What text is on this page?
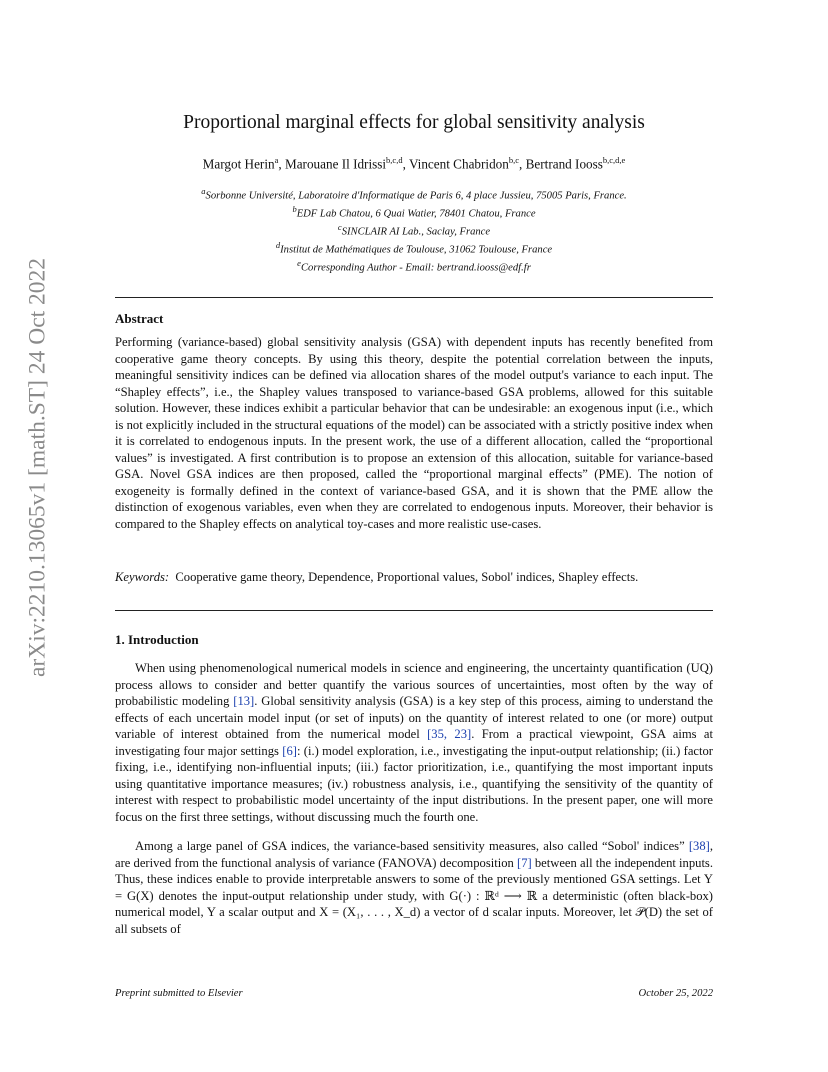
arXiv:2210.13065v1 [math.ST] 24 Oct 2022
Proportional marginal effects for global sensitivity analysis
Margot Herin$^a$, Marouane Il Idrissi$^{b,c,d}$, Vincent Chabridon$^{b,c}$, Bertrand Iooss$^{b,c,d,e}$
$^a$Sorbonne Université, Laboratoire d'Informatique de Paris 6, 4 place Jussieu, 75005 Paris, France.
$^b$EDF Lab Chatou, 6 Quai Watier, 78401 Chatou, France
$^c$SINCLAIR AI Lab., Saclay, France
$^d$Institut de Mathématiques de Toulouse, 31062 Toulouse, France
$^e$Corresponding Author - Email: bertrand.iooss@edf.fr
Abstract
Performing (variance-based) global sensitivity analysis (GSA) with dependent inputs has recently benefited from cooperative game theory concepts. By using this theory, despite the potential correlation between the inputs, meaningful sensitivity indices can be defined via allocation shares of the model output's variance to each input. The “Shapley effects”, i.e., the Shapley values transposed to variance-based GSA problems, allowed for this suitable solution. However, these indices exhibit a particular behavior that can be undesirable: an exogenous input (i.e., which is not explicitly included in the structural equations of the model) can be associated with a strictly positive index when it is correlated to endogenous inputs. In the present work, the use of a different allocation, called the “proportional values” is investigated. A first contribution is to propose an extension of this allocation, suitable for variance-based GSA. Novel GSA indices are then proposed, called the “proportional marginal effects” (PME). The notion of exogeneity is formally defined in the context of variance-based GSA, and it is shown that the PME allow the distinction of exogenous variables, even when they are correlated to endogenous inputs. Moreover, their behavior is compared to the Shapley effects on analytical toy-cases and more realistic use-cases.
Keywords: Cooperative game theory, Dependence, Proportional values, Sobol' indices, Shapley effects.
1. Introduction
When using phenomenological numerical models in science and engineering, the uncertainty quantification (UQ) process allows to consider and better quantify the various sources of uncertainties, most often by the way of probabilistic modeling [13]. Global sensitivity analysis (GSA) is a key step of this process, aiming to understand the effects of each uncertain model input (or set of inputs) on the quantity of interest related to one (or more) output variable of interest obtained from the numerical model [35, 23]. From a practical viewpoint, GSA aims at investigating four major settings [6]: (i.) model exploration, i.e., investigating the input-output relationship; (ii.) factor fixing, i.e., identifying non-influential inputs; (iii.) factor prioritization, i.e., quantifying the most important inputs using quantitative importance measures; (iv.) robustness analysis, i.e., quantifying the sensitivity of the quantity of interest with respect to probabilistic model uncertainty of the input distributions. In the present paper, one will more focus on the first three settings, without discussing much the fourth one.
Among a large panel of GSA indices, the variance-based sensitivity measures, also called “Sobol' indices” [38], are derived from the functional analysis of variance (FANOVA) decomposition [7] between all the independent inputs. Thus, these indices enable to provide interpretable answers to some of the previously mentioned GSA settings. Let Y = G(X) denotes the input-output relationship under study, with G(·) : ℝᵈ ⟶ ℝ a deterministic (often black-box) numerical model, Y a scalar output and X = (X₁, . . . , X_d) a vector of d scalar inputs. Moreover, let 𝒫(D) the set of all subsets of
Preprint submitted to Elsevier	October 25, 2022
